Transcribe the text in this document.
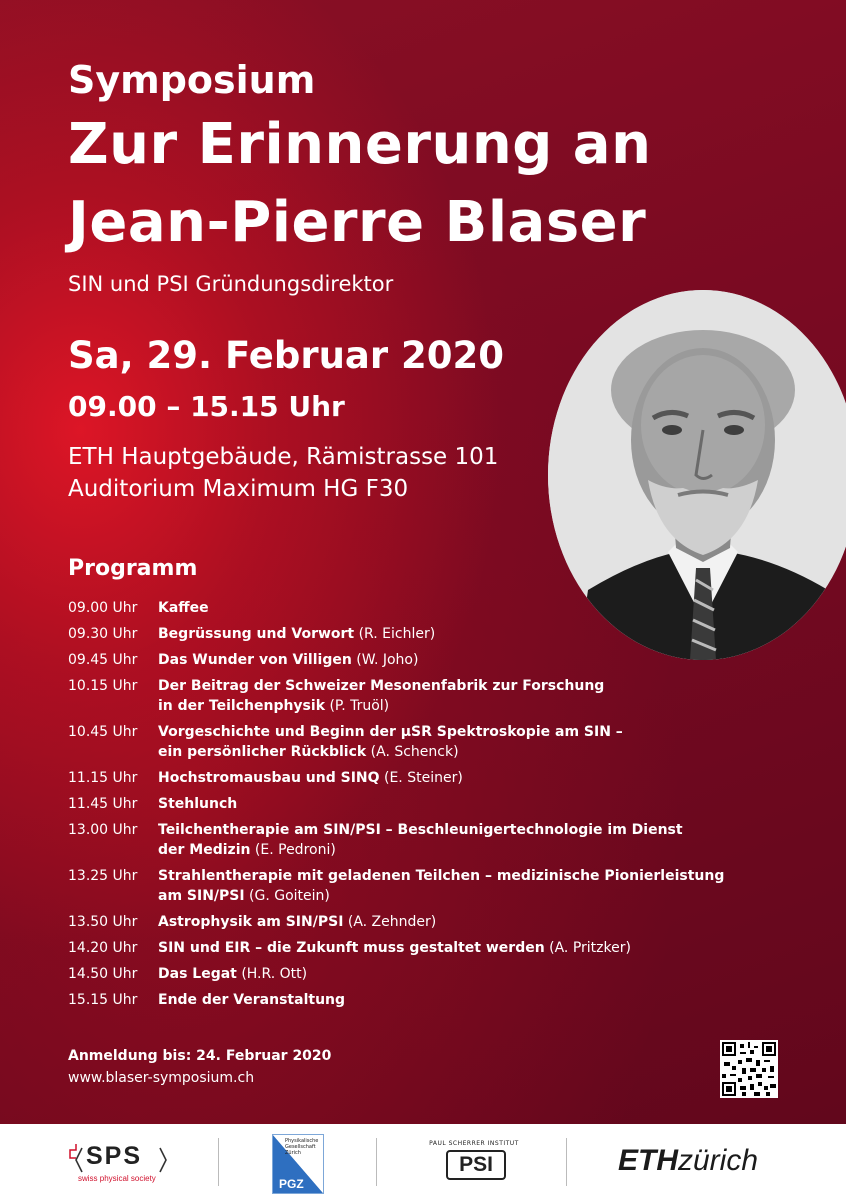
Symposium
Zur Erinnerung an
Jean-Pierre Blaser
SIN und PSI Gründungsdirektor
Sa, 29. Februar 2020
09.00 – 15.15 Uhr
ETH Hauptgebäude, Rämistrasse 101
Auditorium Maximum HG F30
Programm
09.00 Uhr	Kaffee
09.30 Uhr	Begrüssung und Vorwort (R. Eichler)
09.45 Uhr	Das Wunder von Villigen (W. Joho)
10.15 Uhr	Der Beitrag der Schweizer Mesonenfabrik zur Forschung in der Teilchenphysik (P. Truöl)
10.45 Uhr	Vorgeschichte und Beginn der µSR Spektroskopie am SIN – ein persönlicher Rückblick (A. Schenck)
11.15 Uhr	Hochstromausbau und SINQ (E. Steiner)
11.45 Uhr	Stehlunch
13.00 Uhr	Teilchentherapie am SIN/PSI – Beschleunigertechnologie im Dienst der Medizin (E. Pedroni)
13.25 Uhr	Strahlentherapie mit geladenen Teilchen – medizinische Pionierleistung am SIN/PSI (G. Goitein)
13.50 Uhr	Astrophysik am SIN/PSI (A. Zehnder)
14.20 Uhr	SIN und EIR – die Zukunft muss gestaltet werden (A. Pritzker)
14.50 Uhr	Das Legat (H.R. Ott)
15.15 Uhr	Ende der Veranstaltung
Anmeldung bis: 24. Februar 2020
www.blaser-symposium.ch
SPS
swiss physical society
Physikalische Gesellschaft Zürich
PGZ
PAUL SCHERRER INSTITUT
PSI	ETHzürich
